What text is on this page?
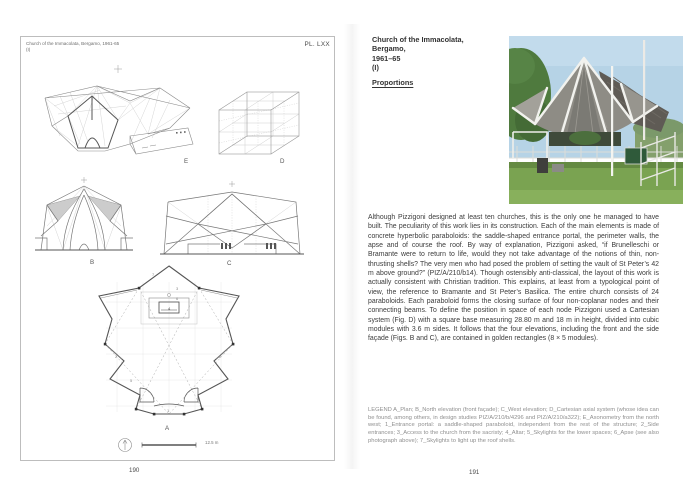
Church of the Immacolata, Bergamo, 1961-65
(I)
PL. LXX
E	D
B	C
1
2	2
3
4
5
6
7
A
12.5 m
190
Church of the Immacolata,
Bergamo,
1961–65
(I)
Proportions

Although Pizzigoni designed at least ten churches, this is the only one he managed to have built. The peculiarity of this work lies in its construction. Each of the main elements is made of concrete hyperbolic paraboloids: the saddle-shaped entrance portal, the perimeter walls, the apse and of course the roof. By way of explanation, Pizzigoni asked, “if Brunelleschi or Bramante were to return to life, would they not take advantage of the notions of thin, non-thrusting shells? The very men who had posed the problem of setting the vault of St Peter’s 42 m above ground?” (PIZ/A/210/b14). Though ostensibly anti-classical, the layout of this work is actually consistent with Christian tradition. This explains, at least from a typological point of view, the reference to Bramante and St Peter’s Basilica. The entire church consists of 24 paraboloids. Each paraboloid forms the closing surface of four non-coplanar nodes and their connecting beams. To define the position in space of each node Pizzigoni used a Cartesian system (Fig. D) with a square base measuring 28.80 m and 18 m in height, divided into cubic modules with 3.6 m sides. It follows that the four elevations, including the front and the side façade (Figs. B and C), are contained in golden rectangles (8 × 5 modules).

LEGEND A_Plan; B_North elevation (front façade); C_West elevation; D_Cartesian axial system (whose idea can be found, among others, in design studies PIZ/A/210/b/4296 and PIZ/A/210/a322); E_Axonometry from the north west; 1_Entrance portal: a saddle-shaped paraboloid, independent from the rest of the structure; 2_Side entrances; 3_Access to the church from the sacristy; 4_Altar; 5_Skylights for the lower spaces; 6_Apse (see also photograph above); 7_Skylights to light up the roof shells.

191
